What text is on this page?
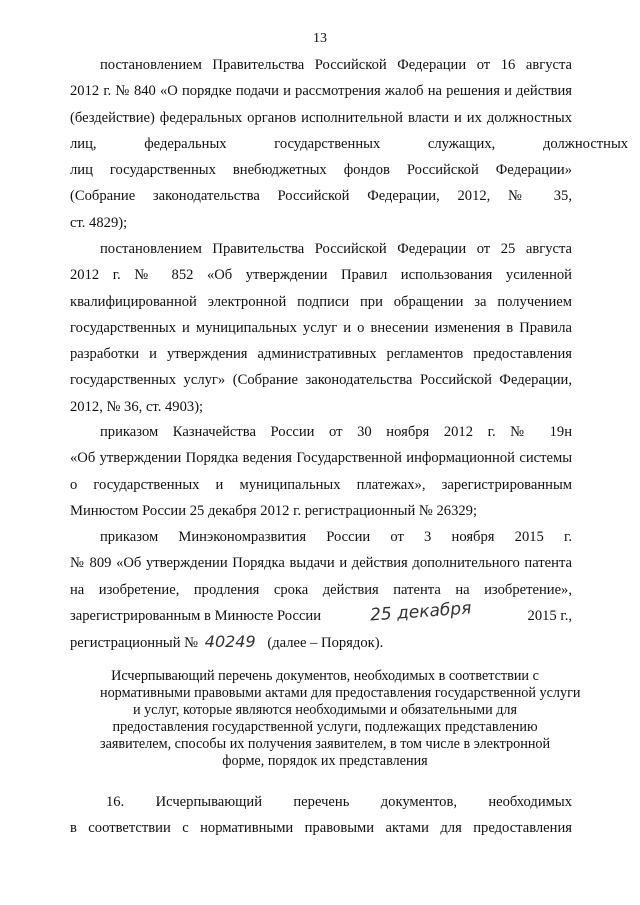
13
постановлением Правительства Российской Федерации от 16 августа
2012 г. № 840 «О порядке подачи и рассмотрения жалоб на решения и действия
(бездействие) федеральных органов исполнительной власти и их должностных
лиц, федеральных государственных служащих, должностных
лиц государственных внебюджетных фондов Российской Федерации»
(Собрание законодательства Российской Федерации, 2012, № 35,
ст. 4829);
постановлением Правительства Российской Федерации от 25 августа
2012 г. № 852 «Об утверждении Правил использования усиленной
квалифицированной электронной подписи при обращении за получением
государственных и муниципальных услуг и о внесении изменения в Правила
разработки и утверждения административных регламентов предоставления
государственных услуг» (Собрание законодательства Российской Федерации,
2012, № 36, ст. 4903);
приказом Казначейства России от 30 ноября 2012 г. № 19н
«Об утверждении Порядка ведения Государственной информационной системы
о государственных и муниципальных платежах», зарегистрированным
Минюстом России 25 декабря 2012 г. регистрационный № 26329;
приказом Минэкономразвития России от 3 ноября 2015 г.
№ 809 «Об утверждении Порядка выдачи и действия дополнительного патента
на изобретение, продления срока действия патента на изобретение»,
зарегистрированным в Минюсте России	25 декабря	2015 г.,
регистрационный № 40249 (далее – Порядок).
Исчерпывающий перечень документов, необходимых в соответствии с
нормативными правовыми актами для предоставления государственной услуги
и услуг, которые являются необходимыми и обязательными для
предоставления государственной услуги, подлежащих представлению
заявителем, способы их получения заявителем, в том числе в электронной
форме, порядок их представления
16. Исчерпывающий перечень документов, необходимых
в соответствии с нормативными правовыми актами для предоставления
